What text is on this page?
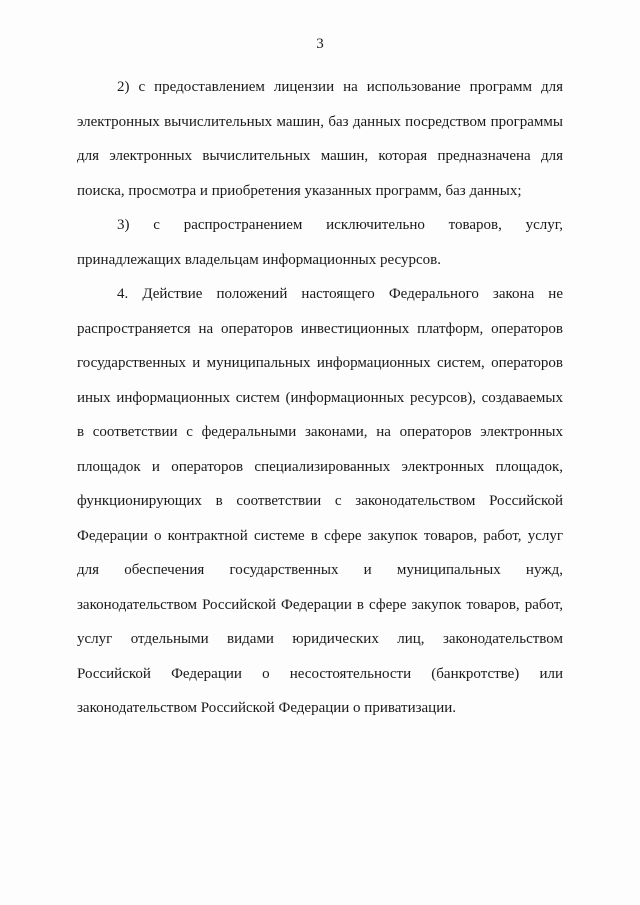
3

2) с предоставлением лицензии на использование программ для электронных вычислительных машин, баз данных посредством программы для электронных вычислительных машин, которая предназначена для поиска, просмотра и приобретения указанных программ, баз данных;

3) с распространением исключительно товаров, услуг, принадлежащих владельцам информационных ресурсов.

4. Действие положений настоящего Федерального закона не распространяется на операторов инвестиционных платформ, операторов государственных и муниципальных информационных систем, операторов иных информационных систем (информационных ресурсов), создаваемых в соответствии с федеральными законами, на операторов электронных площадок и операторов специализированных электронных площадок, функционирующих в соответствии с законодательством Российской Федерации о контрактной системе в сфере закупок товаров, работ, услуг для обеспечения государственных и муниципальных нужд, законодательством Российской Федерации в сфере закупок товаров, работ, услуг отдельными видами юридических лиц, законодательством Российской Федерации о несостоятельности (банкротстве) или законодательством Российской Федерации о приватизации.
